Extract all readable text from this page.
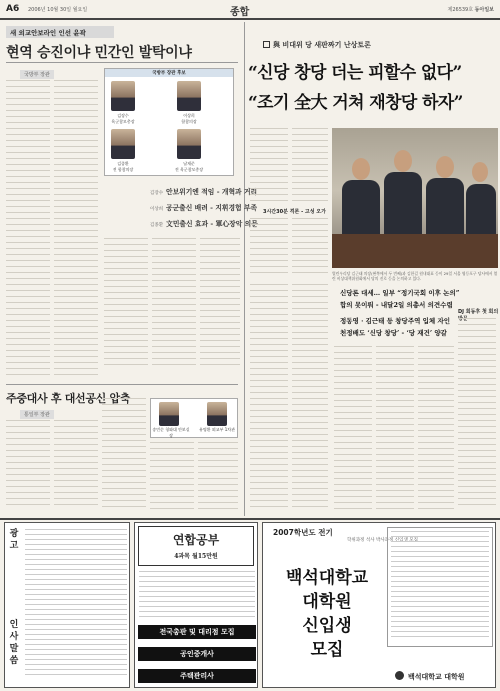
A6 2006년 10월 30일 월요일	종합	제26539호 동아일보
새 외교안보라인 인선 윤곽
현역 승진이냐 민간인 발탁이냐
국방부 장관	국방부 장관 후보
김장수
육군참모총장
이상희
합참의장
김종환
전 합참의장
남재준
전 육군참모총장
김장수 안보위기엔 적임 - 개혁과 거리
이상희 공군출신 배려 - 지휘경험 부족
김종환 文민출신 효과 - 軍心장악 의문
주중대사 후 대선공신 압축
통일부 장관
송민순 청와대 안보실장
유명환 외교부 1차관
與 비대위 당 새판짜기 난상토론
“신당 창당 더는 피할수 없다”
“조기 全大 거쳐 재창당 하자”
3시간30분 격론 - 고성 오가
열린우리당 김근태 의장(왼쪽에서 두 번째)과 김한길 원내대표 등이 29일 서울 영등포구 당사에서 열린 비상대책위원회에서 당의 진로 등을 논의하고 있다.
신당론 대세… 일부 “정기국회 이후 논의”
합의 못이뤄 - 내달2일 의총서 의견수렴
정동영 · 김근태 등 창당주역 입체 자인
천정배도 ‘신당 창당’ - ‘당 재건’ 양갈
DJ 회동후 첫 회의 방문
광고
인사말씀
연합공부
4과목 월15만원
전국총판 및 대리점 모집
공인중개사
주택관리사
2007학년도 전기
학위과정 석사 박사과정 신입생 모집
백석대학교
대학원
신입생
모집
백석대학교 대학원
